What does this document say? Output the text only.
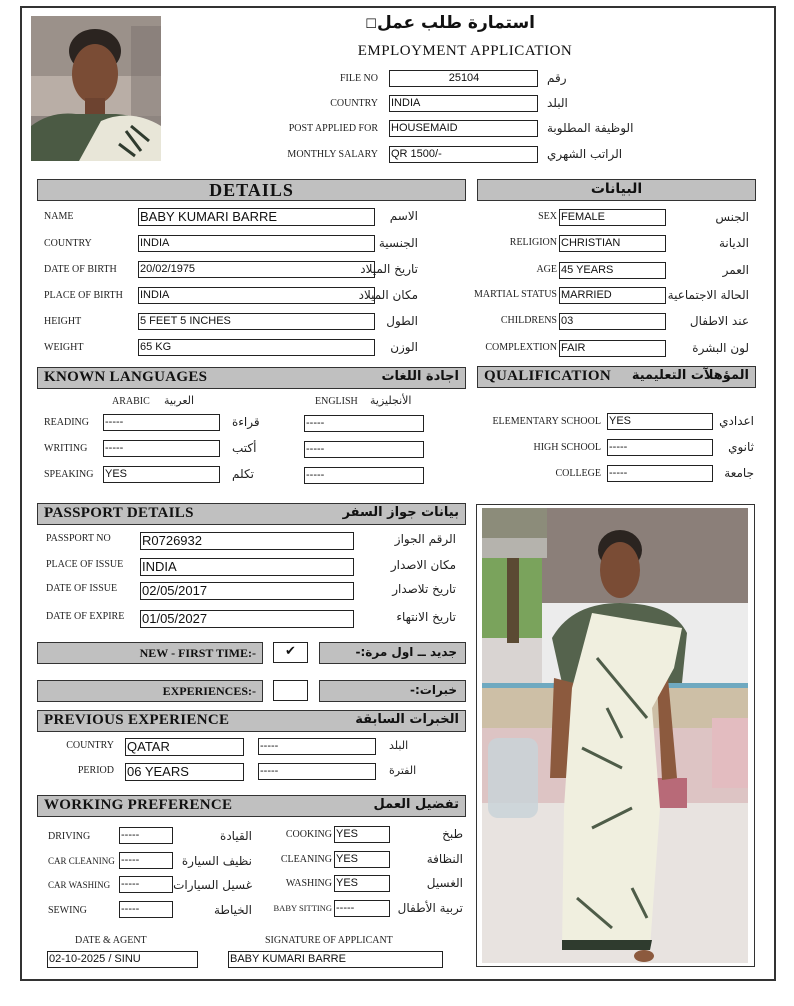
استمارة طلب عمل☐
EMPLOYMENT APPLICATION
FILE NO	25104	رقم
COUNTRY INDIA	البلد
POST APPLIED FOR HOUSEMAID	الوظيفة المطلوبة
MONTHLY SALARY QR 1500/-	الراتب الشهري
DETAILS	البيانات
NAME	BABY KUMARI BARRE	الاسم
COUNTRY	INDIA	الجنسية
DATE OF BIRTH 20/02/1975	تاريخ الميلاد
PLACE OF BIRTH INDIA	مكان الميلاد
HEIGHT	5 FEET 5 INCHES	الطول
WEIGHT	65 KG	الوزن
SEX FEMALE	الجنس
RELIGION CHRISTIAN	الديانة
AGE 45 YEARS	العمر
MARTIAL STATUS MARRIED	الحالة الاجتماعية
CHILDRENS 03	عند الاطفال
COMPLEXTION FAIR	لون البشرة
KNOWN LANGUAGES	اجادة اللغات
ARABIC العربية	ENGLISH الأنجليزية
READING -----	قراءة	-----
WRITING -----	أكتب	-----
SPEAKING YES	تكلم	-----
QUALIFICATION المؤهلآت التعليمية
ELEMENTARY SCHOOL YES	اعدادي
HIGH SCHOOL -----	ثانوي
COLLEGE -----	جامعة
PASSPORT DETAILS	بيانات جواز السفر
PASSPORT NO R0726932	الرقم الجواز
PLACE OF ISSUE INDIA	مكان الاصدار
DATE OF ISSUE 02/05/2017	تاريخ تلاصدار
DATE OF EXPIRE 01/05/2027	تاريخ الانتهاء
NEW - FIRST TIME:-	✔	جديد ــ اول مرة:-
EXPERIENCES:-	خبرات:-
PREVIOUS EXPERIENCE	الخبرات السابقة
COUNTRY QATAR	-----	البلد
PERIOD 06 YEARS	-----	الفترة
WORKING PREFERENCE	تفضيل العمل
DRIVING	-----	القيادة
CAR CLEANING -----	نظيف السيارة
CAR WASHING -----	غسيل السيارات
SEWING	-----	الخياطة
COOKING YES	طبخ
CLEANING YES	النظافة
WASHING YES	الغسيل
BABY SITTING -----	تربية الأطفال
DATE & AGENT
02-10-2025 / SINU
SIGNATURE OF APPLICANT
BABY KUMARI BARRE
